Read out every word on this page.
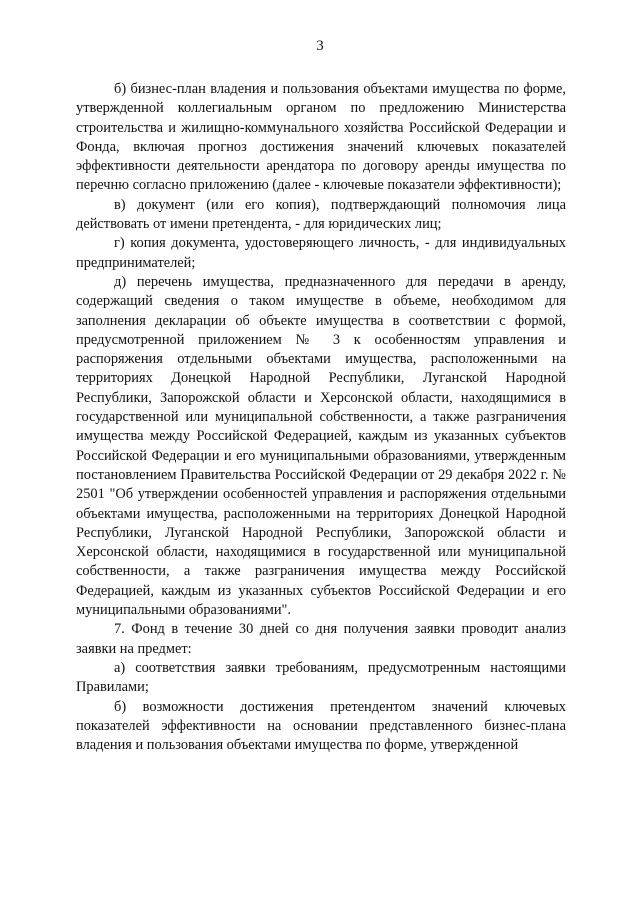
3

б) бизнес-план владения и пользования объектами имущества по форме, утвержденной коллегиальным органом по предложению Министерства строительства и жилищно-коммунального хозяйства Российской Федерации и Фонда, включая прогноз достижения значений ключевых показателей эффективности деятельности арендатора по договору аренды имущества по перечню согласно приложению (далее - ключевые показатели эффективности);

в) документ (или его копия), подтверждающий полномочия лица действовать от имени претендента, - для юридических лиц;

г) копия документа, удостоверяющего личность, - для индивидуальных предпринимателей;

д) перечень имущества, предназначенного для передачи в аренду, содержащий сведения о таком имуществе в объеме, необходимом для заполнения декларации об объекте имущества в соответствии с формой, предусмотренной приложением № 3 к особенностям управления и распоряжения отдельными объектами имущества, расположенными на территориях Донецкой Народной Республики, Луганской Народной Республики, Запорожской области и Херсонской области, находящимися в государственной или муниципальной собственности, а также разграничения имущества между Российской Федерацией, каждым из указанных субъектов Российской Федерации и его муниципальными образованиями, утвержденным постановлением Правительства Российской Федерации от 29 декабря 2022 г. № 2501 "Об утверждении особенностей управления и распоряжения отдельными объектами имущества, расположенными на территориях Донецкой Народной Республики, Луганской Народной Республики, Запорожской области и Херсонской области, находящимися в государственной или муниципальной собственности, а также разграничения имущества между Российской Федерацией, каждым из указанных субъектов Российской Федерации и его муниципальными образованиями".

7. Фонд в течение 30 дней со дня получения заявки проводит анализ заявки на предмет:

а) соответствия заявки требованиям, предусмотренным настоящими Правилами;

б) возможности достижения претендентом значений ключевых показателей эффективности на основании представленного бизнес-плана владения и пользования объектами имущества по форме, утвержденной
